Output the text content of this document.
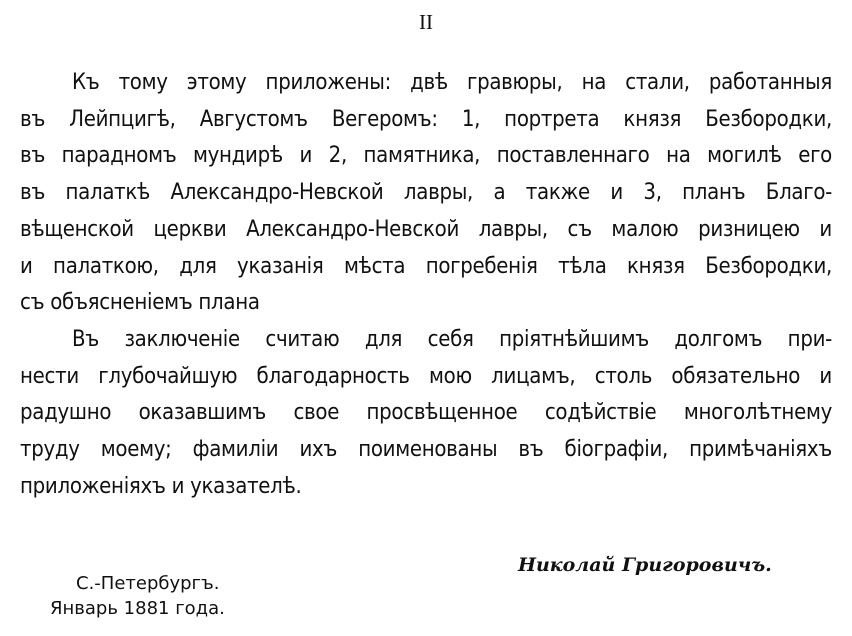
II
Къ тому этому приложены: двѣ гравюры, на стали, работанныя
въ Лейпцигѣ, Августомъ Вегеромъ: 1, портрета князя Безбородки,
въ парадномъ мундирѣ и 2, памятника, поставленнаго на могилѣ его
въ палаткѣ Александро-Невской лавры, а также и 3, планъ Благо-
вѣщенской церкви Александро-Невской лавры, съ малою ризницею и
и палаткою, для указанія мѣста погребенія тѣла князя Безбородки,
съ объясненіемъ плана
Въ заключеніе считаю для себя пріятнѣйшимъ долгомъ при-
нести глубочайшую благодарность мою лицамъ, столь обязательно и
радушно оказавшимъ свое просвѣщенное содѣйствіе многолѣтнему
труду моему; фамиліи ихъ поименованы въ біографіи, примѣчаніяхъ
приложеніяхъ и указателѣ.
Николай Григоровичъ.
С.-Петербургъ.
Январь 1881 года.
